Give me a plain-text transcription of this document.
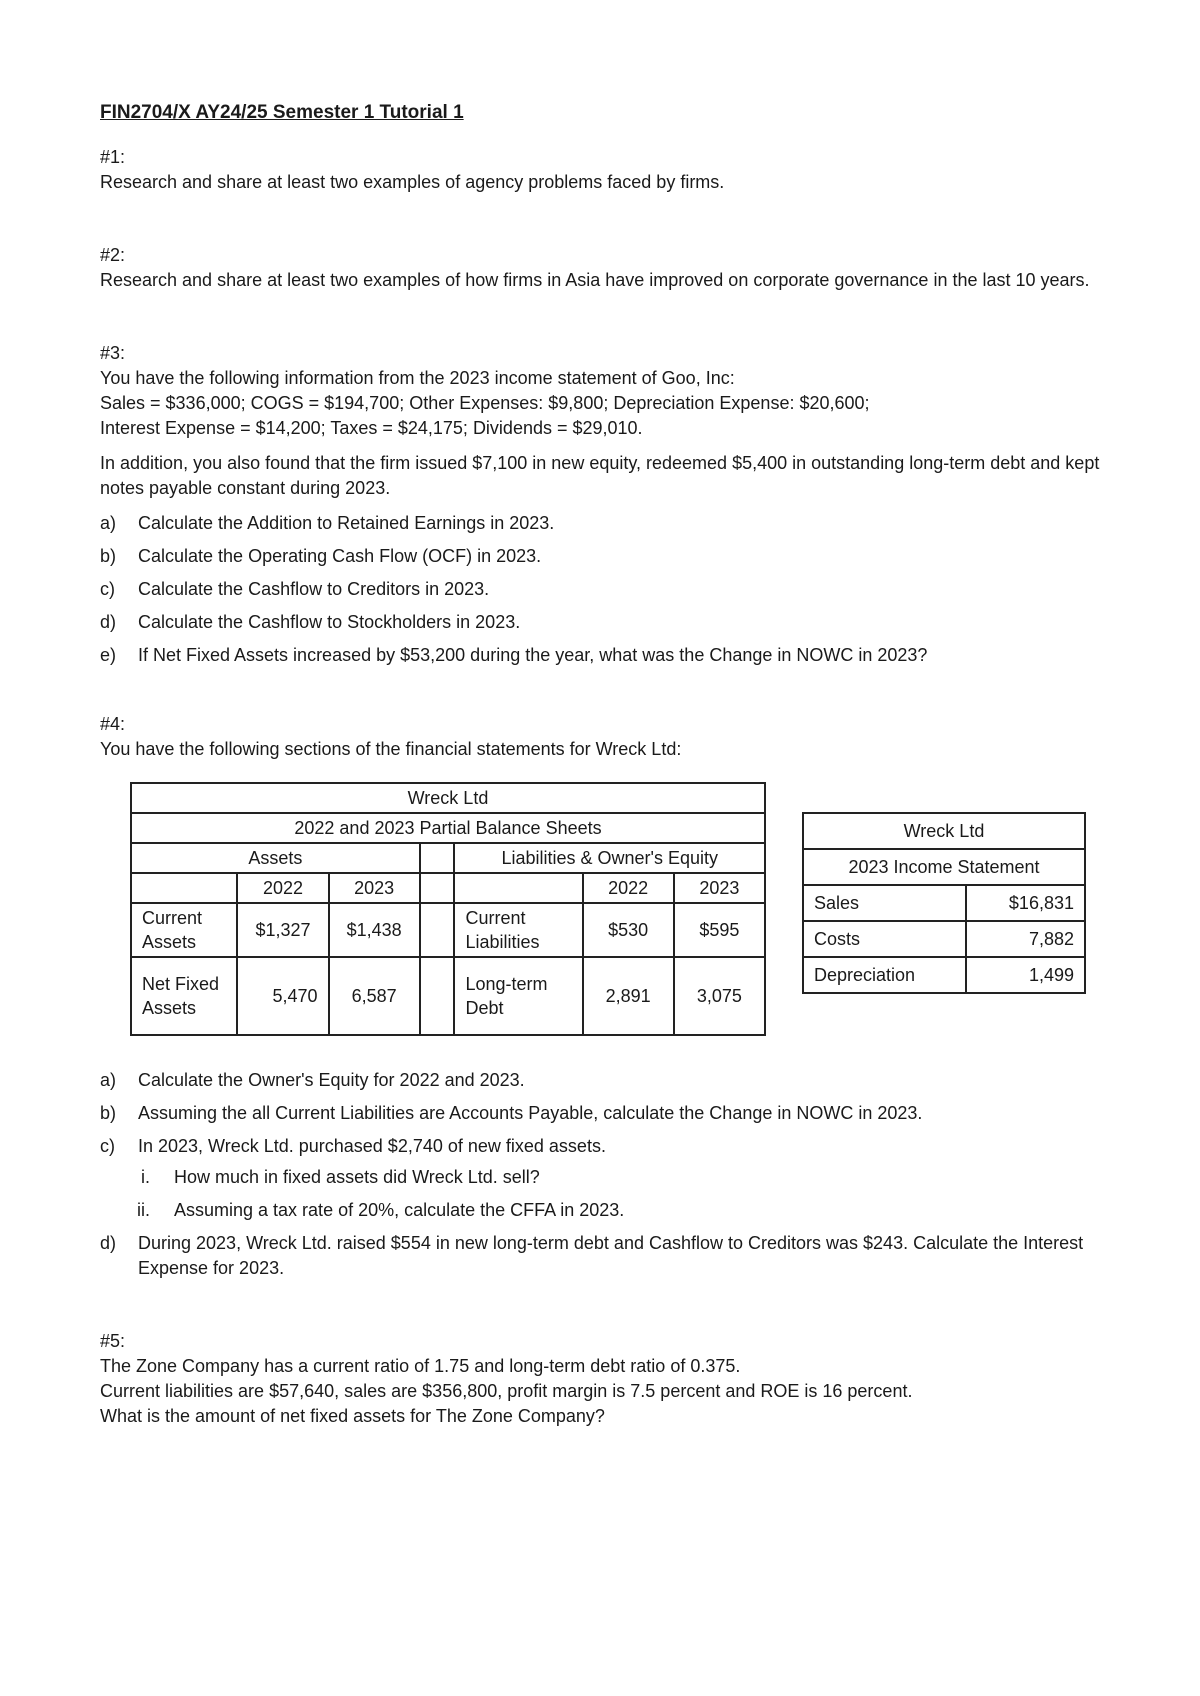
FIN2704/X AY24/25 Semester 1 Tutorial 1

#1:

Research and share at least two examples of agency problems faced by firms.

#2:

Research and share at least two examples of how firms in Asia have improved on corporate governance in the last 10 years.

#3:

You have the following information from the 2023 income statement of Goo, Inc:

Sales = $336,000; COGS = $194,700; Other Expenses: $9,800; Depreciation Expense: $20,600;

Interest Expense = $14,200; Taxes = $24,175; Dividends = $29,010.

In addition, you also found that the firm issued $7,100 in new equity, redeemed $5,400 in outstanding long-term debt and kept notes payable constant during 2023.

a) Calculate the Addition to Retained Earnings in 2023.
b) Calculate the Operating Cash Flow (OCF) in 2023.
c) Calculate the Cashflow to Creditors in 2023.
d) Calculate the Cashflow to Stockholders in 2023.
e) If Net Fixed Assets increased by $53,200 during the year, what was the Change in NOWC in 2023?

#4:

You have the following sections of the financial statements for Wreck Ltd:

Wreck Ltd						
2022 and 2023 Partial Balance Sheets						
Assets				Liabilities & Owner's Equity		
	2022	2023			2022	2023
Current Assets	$1,327	$1,438		Current Liabilities	$530	$595
Net Fixed Assets	5,470	6,587		Long-term Debt	2,891	3,075
Wreck Ltd	
2023 Income Statement	
Sales	$16,831
Costs	7,882
Depreciation	1,499
a) Calculate the Owner's Equity for 2022 and 2023.
b) Assuming the all Current Liabilities are Accounts Payable, calculate the Change in NOWC in 2023.
c) In 2023, Wreck Ltd. purchased $2,740 of new fixed assets.
i. How much in fixed assets did Wreck Ltd. sell?
ii. Assuming a tax rate of 20%, calculate the CFFA in 2023.
d) During 2023, Wreck Ltd. raised $554 in new long-term debt and Cashflow to Creditors was $243. Calculate the Interest Expense for 2023.

#5:

The Zone Company has a current ratio of 1.75 and long-term debt ratio of 0.375.

Current liabilities are $57,640, sales are $356,800, profit margin is 7.5 percent and ROE is 16 percent.

What is the amount of net fixed assets for The Zone Company?
